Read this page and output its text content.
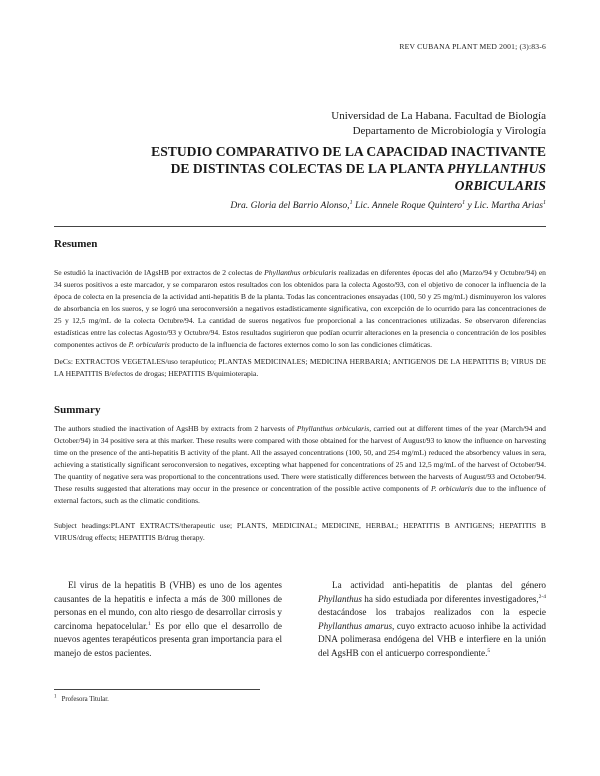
REV CUBANA PLANT MED 2001; (3):83-6
Universidad de La Habana. Facultad de Biología
Departamento de Microbiología y Virología
ESTUDIO COMPARATIVO DE LA CAPACIDAD INACTIVANTE
DE DISTINTAS COLECTAS DE LA PLANTA PHYLLANTHUS
ORBICULARIS
Dra. Gloria del Barrio Alonso,$^1$ Lic. Annele Roque Quintero$^1$ y Lic. Martha Arias$^1$
Resumen
Se estudió la inactivación de lAgsHB por extractos de 2 colectas de Phyllanthus orbicularis realizadas en diferentes épocas del año (Marzo/94 y Octubre/94) en 34 sueros positivos a este marcador, y se compararon estos resultados con los obtenidos para la colecta Agosto/93, con el objetivo de conocer la influencia de la época de colecta en la presencia de la actividad anti-hepatitis B de la planta. Todas las concentraciones ensayadas (100, 50 y 25 mg/mL) disminuyeron los valores de absorbancia en los sueros, y se logró una seroconversión a negativos estadísticamente significativa, con excepción de lo ocurrido para las concentraciones de 25 y 12,5 mg/mL de la colecta Octubre/94. La cantidad de sueros negativos fue proporcional a las concentraciones utilizadas. Se observaron diferencias estadísticas entre las colectas Agosto/93 y Octubre/94. Estos resultados sugirieron que podían ocurrir alteraciones en la presencia o concentración de los posibles componentes activos de P. orbicularis producto de la influencia de factores externos como lo son las condiciones climáticas.
DeCs: EXTRACTOS VEGETALES/uso terapéutico; PLANTAS MEDICINALES; MEDICINA HERBARIA; ANTIGENOS DE LA HEPATITIS B; VIRUS DE LA HEPATITIS B/efectos de drogas; HEPATITIS B/quimioterapia.
Summary
The authors studied the inactivation of AgsHB by extracts from 2 harvests of Phyllanthus orbicularis, carried out at different times of the year (March/94 and October/94) in 34 positive sera at this marker. These results were compared with those obtained for the harvest of August/93 to know the influence on harvesting time on the presence of the anti-hepatitis B activity of the plant. All the assayed concentrations (100, 50, and 254 mg/mL) reduced the absorbency values in sera, achieving a statistically significant seroconversion to negatives, excepting what happened for concentrations of 25 and 12,5 mg/mL of the harvest of October/94. The quantity of negative sera was proportional to the concentrations used. There were statistically differences between the harvests of August/93 and October/94. These results suggested that alterations may occur in the presence or concentration of the possible active components of P. orbicularis due to the influence of external factors, such as the climatic conditions.
Subject headings:PLANT EXTRACTS/therapeutic use; PLANTS, MEDICINAL; MEDICINE, HERBAL; HEPATITIS B ANTIGENS; HEPATITIS B VIRUS/drug effects; HEPATITIS B/drug therapy.
El virus de la hepatitis B (VHB) es uno de los agentes causantes de la hepatitis e infecta a más de 300 millones de personas en el mundo, con alto riesgo de desarrollar cirrosis y carcinoma hepatocelular.$^1$ Es por ello que el desarrollo de nuevos agentes terapéuticos presenta gran importancia para el manejo de estos pacientes.
La actividad anti-hepatitis de plantas del género Phyllanthus ha sido estudiada por diferentes investigadores,$^{2-4}$ destacándose los trabajos realizados con la especie Phyllanthus amarus, cuyo extracto acuoso inhibe la actividad DNA polimerasa endógena del VHB e interfiere en la unión del AgsHB con el anticuerpo correspondiente.$^5$
$^1$ Profesora Titular.
